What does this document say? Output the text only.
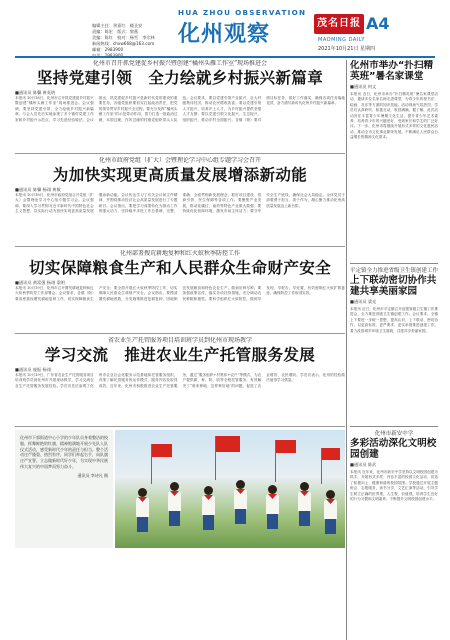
编辑主任：余嘉红　楼圣安
责编：陈宏　版式：黎燕
美编：陈红　校对：杨雪　李宗林
新闻热线：chxw668@163.com
邮箱：2983900
HUA ZHOU OBSERVATION
化州观察	茂名日报 A4
MAOMING DAILY
2021年10月21日 星期四
化州市召开抓党建促乡村振兴暨创建“橘州头雁工作室”现场推进会
坚持党建引领　全力绘就乡村振兴新篇章
■通讯员 陈馨 黄英明
本报讯 10月18日，化州市召开抓党建促乡村振兴暨创建“橘州头雁工作室”现场推进会。会议强调，要坚持党建引领，全力绘就乡村振兴新篇章。与会人员先后实地参观了多个镇村党建工作室和乡村振兴示范点，学习先进经验做法。会议指出，抓党建促乡村振兴是新时代党的建设的重要任务，各级党组织要切实扛起政治责任，把党的领导贯穿乡村振兴全过程。要充分发挥“橘州头雁工作室”的示范带动作用，着力打造一批政治过硬、本领过硬、作风过硬的村级党组织带头人队伍。会议要求，要以党建引领产业振兴，壮大村级集体经济，推动农民增收致富；要以党建引领人才振兴，培养乡土人才，为乡村振兴提供坚强人才支撑；要以党建引领文化振兴、生态振兴、组织振兴，推动乡村全面振兴。各镇（街）要对照目标任务，抓好工作落实，确保各项任务落地见效，奋力谱写新时代化州乡村振兴新篇章。
化州市政府党组（扩大）会暨理论学习中心组专题学习会召开
为加快实现更高质量发展增添新动能
■通讯员 陈馨 杨翊 黄敏
本报讯 10月18日，化州市政府党组召开党组（扩大）会暨理论学习中心组专题学习会。会议强调，要深入学习贯彻习近平新时代中国特色社会主义思想，以实际行动为加快实现更高质量发展增添新动能。会议传达学习了有关会议和文件精神，并围绕推动经济社会高质量发展进行了专题研讨。会议指出，要把学习成果转化为推动工作的强大动力，坚持稳中求进工作总基调，完整、准确、全面贯彻新发展理念，抓好项目建设、招商引资、民生保障等各项工作。要聚焦产业发展，推动化橘红、南药等特色产业做大做强；要持续优化营商环境，激发市场主体活力；要守牢安全生产底线，确保社会大局稳定。全体党员干部要勇于担当、善于作为，凝心聚力推动化州高质量发展迈上新台阶。
化州部署搜荒耕地复种和红火蚁秋季防控工作
切实保障粮食生产和人民群众生命财产安全
■通讯员 黄富强 杨翊 梁明
本报讯 10月19日，化州市召开撂荒耕地复种和红火蚁秋季防控工作部署会。会议要求，各镇（街）要高度重视撂荒耕地复种工作，切实保障粮食生产安全；要全面开展红火蚁秋季防控工作，切实保障人民群众生命财产安全。会议指出，要摸清撂荒耕地底数，分类施策推进复耕复种，因地制宜发展粮食和特色农业生产，做到应种尽种。要加强政策宣传，落实各项扶持措施，充分调动农民种粮积极性。要科学组织红火蚁防控，做到早发现、早报告、早处置，有效遏制红火蚁扩散蔓延，确保防控工作取得实效。
省农业生产托管服务项目培训班学员到化州市现场教学
学习交流　推进农业生产托管服务发展
■通讯员 庞振 杨翊
本报讯 10月19日，广东省农业生产托管服务项目培训班学员到化州市开展现场教学，学习交流农业生产托管服务发展经验。学员们先后参观了化州市农业社会化服务示范基地和托管服务组织，详细了解托管服务的运作模式、服务内容及取得成效。近年来，化州市积极推进农业生产托管服务，通过“服务组织+村集体+农户”等模式，为农户提供耕、种、防、收等全程托管服务，有效解决了“谁来种地、怎样种好地”的问题，促进了农业增效、农民增收。学员们表示，化州的经验做法值得学习借鉴。
化州市下郭街道中心小学的少年队员身着整洁的校服，挥舞鲜艳的红旗，精神饱满地开展少先队入队仪式活动，感受新时代少年的责任与担当。整个活动庄严隆重、热烈有序，同学们举起右手，向队旗庄严宣誓，立志做新时代好少年，为实现中华民族伟大复兴的中国梦而努力奋斗。
通讯员 李诗凡 摄
化州市举办“扑扫精英班”暑名家课堂
■通讯员 何文
本报讯 近日，化州市举办“扑扫精英班”暑名家课堂活动，邀请多位名家名师走进课堂，为青少年传授书法、绘画、音乐等方面的知识技能。活动现场气氛热烈，学员们认真聆听、积极互动，收获满满。据了解，此次活动旨在丰富青少年暑期文化生活，提升青少年艺术素养，培养青少年的兴趣爱好，受到家长和学生的广泛好评。下一步，化州市将继续开展形式多样的文化惠民活动，推动全市文化事业繁荣发展，不断满足人民群众日益增长的精神文化需求。
平定镇全力推进省级卫生镇创建工作
上下联动密切协作共建共享美丽家园
■通讯员 梁光
本报讯 近日，化州市平定镇召开创建省级卫生镇工作推进会，全力推进省级卫生镇创建工作。会议要求，全镇上下要进一步统一思想、提高认识，上下联动、密切协作，以更高标准、更严要求、更实举措推进创建工作，着力改善城乡环境卫生面貌，共建共享美丽家园。
化州市新安中学
多彩活动深化文明校园创建
■通讯员 陈武
本报讯 近年来，化州市新安中学坚持以文明校园创建为抓手，开展形式多样、内容丰富的校园文化活动，营造了积极向上、健康和谐的校园氛围。学校通过开展主题班会、志愿服务、读书分享、文艺汇演等活动，引导学生树立正确的世界观、人生观、价值观，培养学生良好的行为习惯和文明素养，不断提升文明校园创建水平。
